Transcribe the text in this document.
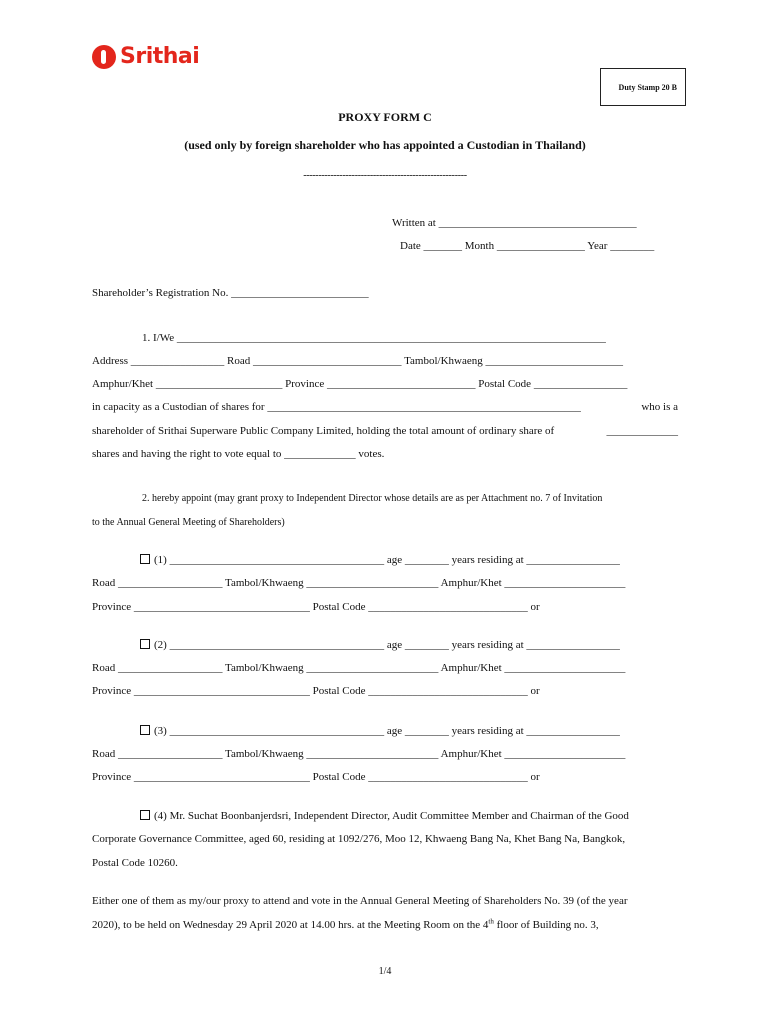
Srithai
Duty Stamp 20 B
PROXY FORM C
(used only by foreign shareholder who has appointed a Custodian in Thailand)
------------------------------------------------------
Written at ____________________________________
Date _______ Month ________________ Year ________
Shareholder’s Registration No. _________________________
1. I/We ______________________________________________________________________________
Address _________________ Road ___________________________ Tambol/Khwaeng _________________________
Amphur/Khet _______________________ Province ___________________________ Postal Code _________________
in capacity as a Custodian of shares for _________________________________________________________	who is a
shareholder of Srithai Superware Public Company Limited, holding the total amount of ordinary share of	_____________
shares and having the right to vote equal to _____________ votes.
2. hereby appoint (may grant proxy to Independent Director whose details are as per Attachment no. 7 of Invitation
to the Annual General Meeting of Shareholders)
(1) _______________________________________ age ________ years residing at _________________
Road ___________________ Tambol/Khwaeng ________________________ Amphur/Khet ______________________
Province ________________________________ Postal Code _____________________________ or
(2) _______________________________________ age ________ years residing at _________________
Road ___________________ Tambol/Khwaeng ________________________ Amphur/Khet ______________________
Province ________________________________ Postal Code _____________________________ or
(3) _______________________________________ age ________ years residing at _________________
Road ___________________ Tambol/Khwaeng ________________________ Amphur/Khet ______________________
Province ________________________________ Postal Code _____________________________ or
(4) Mr. Suchat Boonbanjerdsri, Independent Director, Audit Committee Member and Chairman of the Good
Corporate Governance Committee, aged 60, residing at 1092/276, Moo 12, Khwaeng Bang Na, Khet Bang Na, Bangkok,
Postal Code 10260.
Either one of them as my/our proxy to attend and vote in the Annual General Meeting of Shareholders No. 39 (of the year
2020), to be held on Wednesday 29 April 2020 at 14.00 hrs. at the Meeting Room on the 4th floor of Building no. 3,
1/4
